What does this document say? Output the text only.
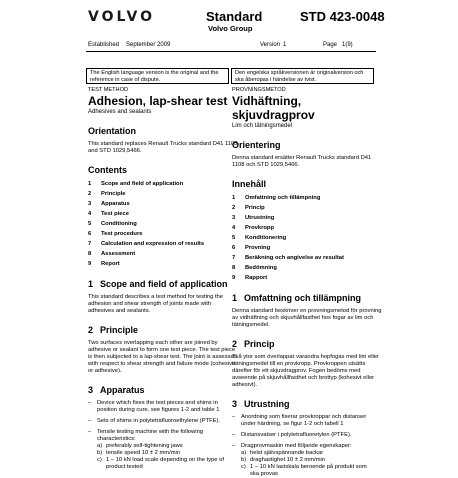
VOLVO	Standard
Volvo Group
STD 423-0048
Established September 2009	Version 1	Page 1(9)
The English language version is the original and the reference in case of dispute.
Den engelska språkversionen är originalversion och ska åberopas i händelse av tvist.
TEST METHOD
Adhesion, lap-shear test
Adhesives and sealants
Orientation
This standard replaces Renault Trucks standard D41 1108 and STD 1029,5466.
Contents
1 Scope and field of application
2 Principle
3 Apparatus
4 Test piece
5 Conditioning
6 Test procedure
7 Calculation and expression of results
8 Assessment
9 Report
1 Scope and field of application
This standard describes a test method for testing the adhesion and shear strength of joints made with adhesives and sealants.
2 Principle
Two surfaces overlapping each other are joined by adhesive or sealant to form one test piece. The test piece is then subjected to a lap-shear test. The joint is assessed with respect to shear strength and failure mode (cohesive or adhesive).
3 Apparatus
– Device which fixes the test pieces and shims in position during cure, see figures 1-2 and table 1
– Sets of shims in polytetrafluoroethylene (PTFE).
– Tensile testing machine with the following characteristics:
a) preferably self-tightening jaws
b) tensile speed 10 ± 2 mm/min
c) 1 – 10 kN load scale depending on the type of
product tested
PROVNINGSMETOD
Vidhäftning, skjuvdragprov
Lim och tätningsmedel
Orientering
Denna standard ersätter Renault Trucks standard D41 1108 och STD 1029,5466.
Innehåll
1 Omfattning och tillämpning
2 Princip
3 Utrustning
4 Provkropp
5 Konditionering
6 Provning
7 Beräkning och angivelse av resultat
8 Bedömning
9 Rapport
1 Omfattning och tillämpning
Denna standard beskriver en provningsmetod för provning av vidhäftning och skjuvhållfasthet hos fogar av lim och tätningsmedel.
2 Princip
Två ytor som överlappar varandra hopfogas med lim eller tätningsmedel till en provkropp. Provkroppen utsätts därefter för ett skjuvdragprov. Fogen bedöms med avseende på skjuvhållfasthet och brottyp (kohesivt eller adhesivt).
3 Utrustning
– Anordning som fixerar provkroppar och distanser under härdning, se figur 1-2 och tabell 1
– Distansvatser i polytetrafluoretylen (PTFE).
– Dragprovmaskin med följande egenskaper:
a) helst självspännande backar
b) draghastighet 10 ± 2 mm/min
c) 1 – 10 kN lastskala beroende på produkt som
ska provas
